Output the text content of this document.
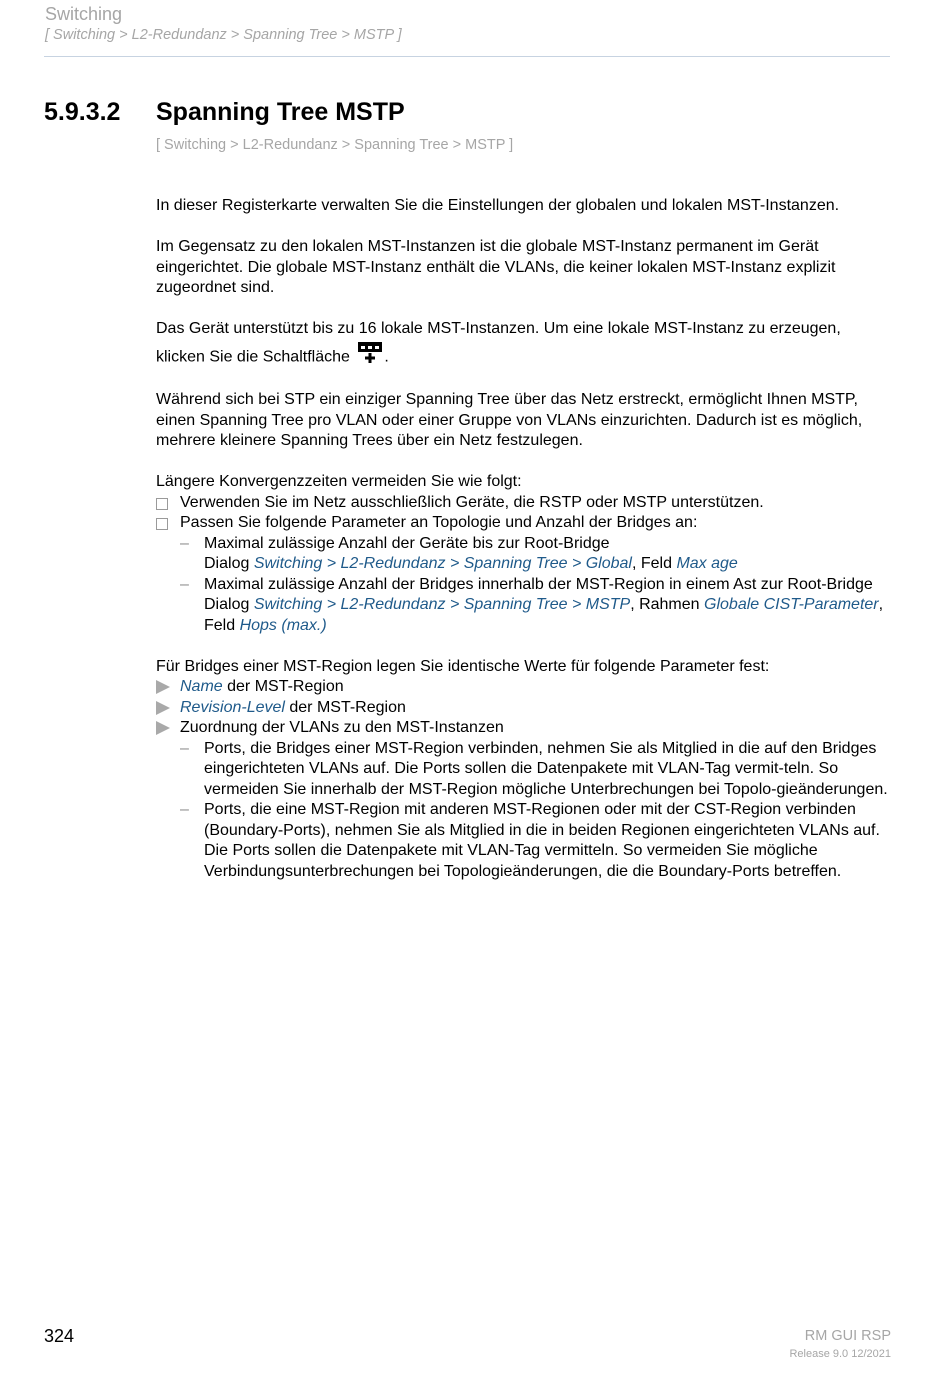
Switching
[ Switching > L2-Redundanz > Spanning Tree > MSTP ]
5.9.3.2 Spanning Tree MSTP
[ Switching > L2-Redundanz > Spanning Tree > MSTP ]

In dieser Registerkarte verwalten Sie die Einstellungen der globalen und lokalen MST-Instanzen.

Im Gegensatz zu den lokalen MST-Instanzen ist die globale MST-Instanz permanent im Gerät eingerichtet. Die globale MST-Instanz enthält die VLANs, die keiner lokalen MST-Instanz explizit zugeordnet sind.

Das Gerät unterstützt bis zu 16 lokale MST-Instanzen. Um eine lokale MST-Instanz zu erzeugen,

klicken Sie die Schaltfläche .

Während sich bei STP ein einziger Spanning Tree über das Netz erstreckt, ermöglicht Ihnen MSTP, einen Spanning Tree pro VLAN oder einer Gruppe von VLANs einzurichten. Dadurch ist es möglich, mehrere kleinere Spanning Trees über ein Netz festzulegen.

Längere Konvergenzzeiten vermeiden Sie wie folgt:

Verwenden Sie im Netz ausschließlich Geräte, die RSTP oder MSTP unterstützen.
Passen Sie folgende Parameter an Topologie und Anzahl der Bridges an:
– Maximal zulässige Anzahl der Geräte bis zur Root-Bridge
Dialog Switching > L2-Redundanz > Spanning Tree > Global, Feld Max age
– Maximal zulässige Anzahl der Bridges innerhalb der MST-Region in einem Ast zur Root-Bridge
Dialog Switching > L2-Redundanz > Spanning Tree > MSTP, Rahmen Globale CIST-Parameter,
Feld Hops (max.)

Für Bridges einer MST-Region legen Sie identische Werte für folgende Parameter fest:

Name der MST-Region
Revision-Level der MST-Region
Zuordnung der VLANs zu den MST-Instanzen
– Ports, die Bridges einer MST-Region verbinden, nehmen Sie als Mitglied in die auf den Bridges eingerichteten VLANs auf. Die Ports sollen die Datenpakete mit VLAN-Tag vermit-teln. So vermeiden Sie innerhalb der MST-Region mögliche Unterbrechungen bei Topolo-gieänderungen.
– Ports, die eine MST-Region mit anderen MST-Regionen oder mit der CST-Region verbinden (Boundary-Ports), nehmen Sie als Mitglied in die in beiden Regionen eingerichteten VLANs auf. Die Ports sollen die Datenpakete mit VLAN-Tag vermitteln. So vermeiden Sie mögliche Verbindungsunterbrechungen bei Topologieänderungen, die die Boundary-Ports betreffen.
324	RM GUI RSP
Release 9.0 12/2021
